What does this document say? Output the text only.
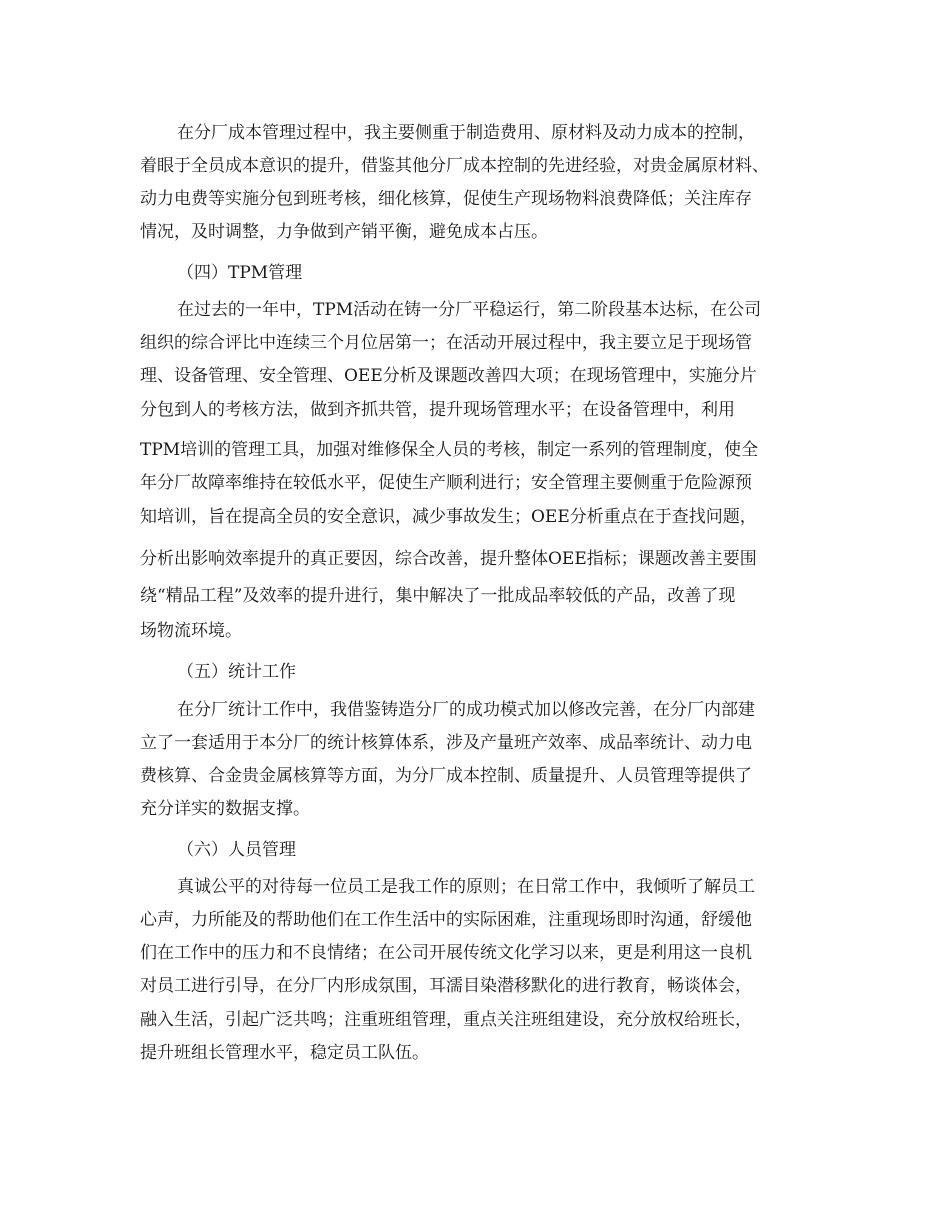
在分厂成本管理过程中，我主要侧重于制造费用、原材料及动力成本的控制，

着眼于全员成本意识的提升，借鉴其他分厂成本控制的先进经验，对贵金属原材料、

动力电费等实施分包到班考核，细化核算，促使生产现场物料浪费降低；关注库存

情况，及时调整，力争做到产销平衡，避免成本占压。

（四）TPM管理

在过去的一年中，TPM活动在铸一分厂平稳运行，第二阶段基本达标，在公司

组织的综合评比中连续三个月位居第一；在活动开展过程中，我主要立足于现场管

理、设备管理、安全管理、OEE分析及课题改善四大项；在现场管理中，实施分片

分包到人的考核方法，做到齐抓共管，提升现场管理水平；在设备管理中，利用

TPM培训的管理工具，加强对维修保全人员的考核，制定一系列的管理制度，使全

年分厂故障率维持在较低水平，促使生产顺利进行；安全管理主要侧重于危险源预

知培训，旨在提高全员的安全意识，减少事故发生；OEE分析重点在于查找问题，

分析出影响效率提升的真正要因，综合改善，提升整体OEE指标；课题改善主要围

绕“精品工程”及效率的提升进行，集中解决了一批成品率较低的产品，改善了现

场物流环境。

（五）统计工作

在分厂统计工作中，我借鉴铸造分厂的成功模式加以修改完善，在分厂内部建

立了一套适用于本分厂的统计核算体系，涉及产量班产效率、成品率统计、动力电

费核算、合金贵金属核算等方面，为分厂成本控制、质量提升、人员管理等提供了

充分详实的数据支撑。

（六）人员管理

真诚公平的对待每一位员工是我工作的原则；在日常工作中，我倾听了解员工

心声，力所能及的帮助他们在工作生活中的实际困难，注重现场即时沟通，舒缓他

们在工作中的压力和不良情绪；在公司开展传统文化学习以来，更是利用这一良机

对员工进行引导，在分厂内形成氛围，耳濡目染潜移默化的进行教育，畅谈体会，

融入生活，引起广泛共鸣；注重班组管理，重点关注班组建设，充分放权给班长，

提升班组长管理水平，稳定员工队伍。
